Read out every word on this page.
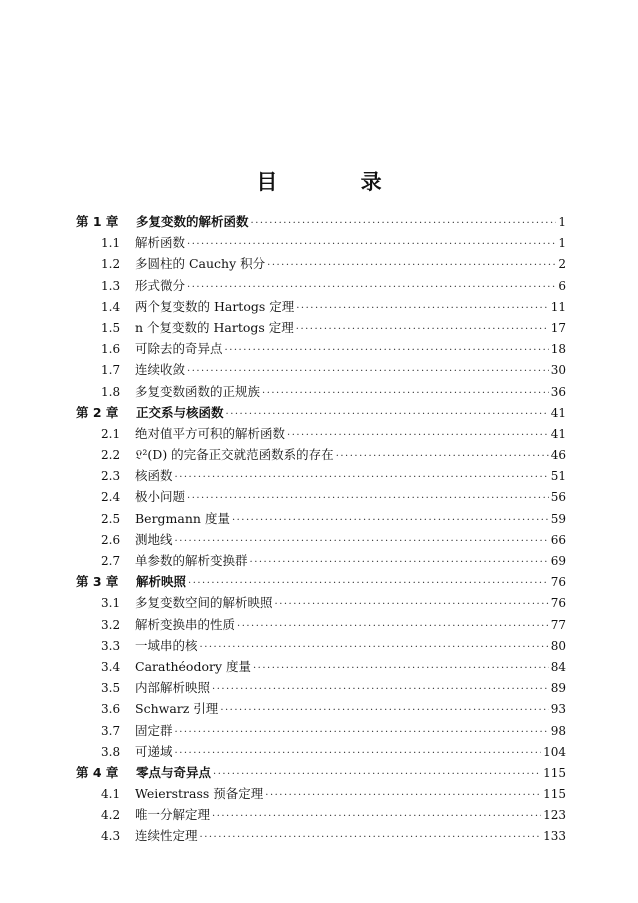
目 录
第 1 章	多复变数的解析函数 ·····	1
1.1	解析函数 ·····	1
1.2	多圆柱的 Cauchy 积分 ·····	2
1.3	形式微分 ·····	6
1.4	两个复变数的 Hartogs 定理 ·····	11
1.5	n 个复变数的 Hartogs 定理 ·····	17
1.6	可除去的奇异点 ·····	18
1.7	连续收敛 ·····	30
1.8	多复变数函数的正规族 ·····	36
第 2 章	正交系与核函数 ·····	41
2.1	绝对值平方可积的解析函数 ·····	41
2.2	𝔏²(D) 的完备正交就范函数系的存在 ·····	46
2.3	核函数 ·····	51
2.4	极小问题 ·····	56
2.5	Bergmann 度量 ·····	59
2.6	测地线 ·····	66
2.7	单参数的解析变换群 ·····	69
第 3 章	解析映照 ·····	76
3.1	多复变数空间的解析映照 ·····	76
3.2	解析变换串的性质 ·····	77
3.3	一域串的核 ·····	80
3.4	Carathéodory 度量 ·····	84
3.5	内部解析映照 ·····	89
3.6	Schwarz 引理 ·····	93
3.7	固定群 ·····	98
3.8	可递域 ·····	104
第 4 章	零点与奇异点 ·····	115
4.1	Weierstrass 预备定理 ·····	115
4.2	唯一分解定理 ·····	123
4.3	连续性定理 ·····	133
